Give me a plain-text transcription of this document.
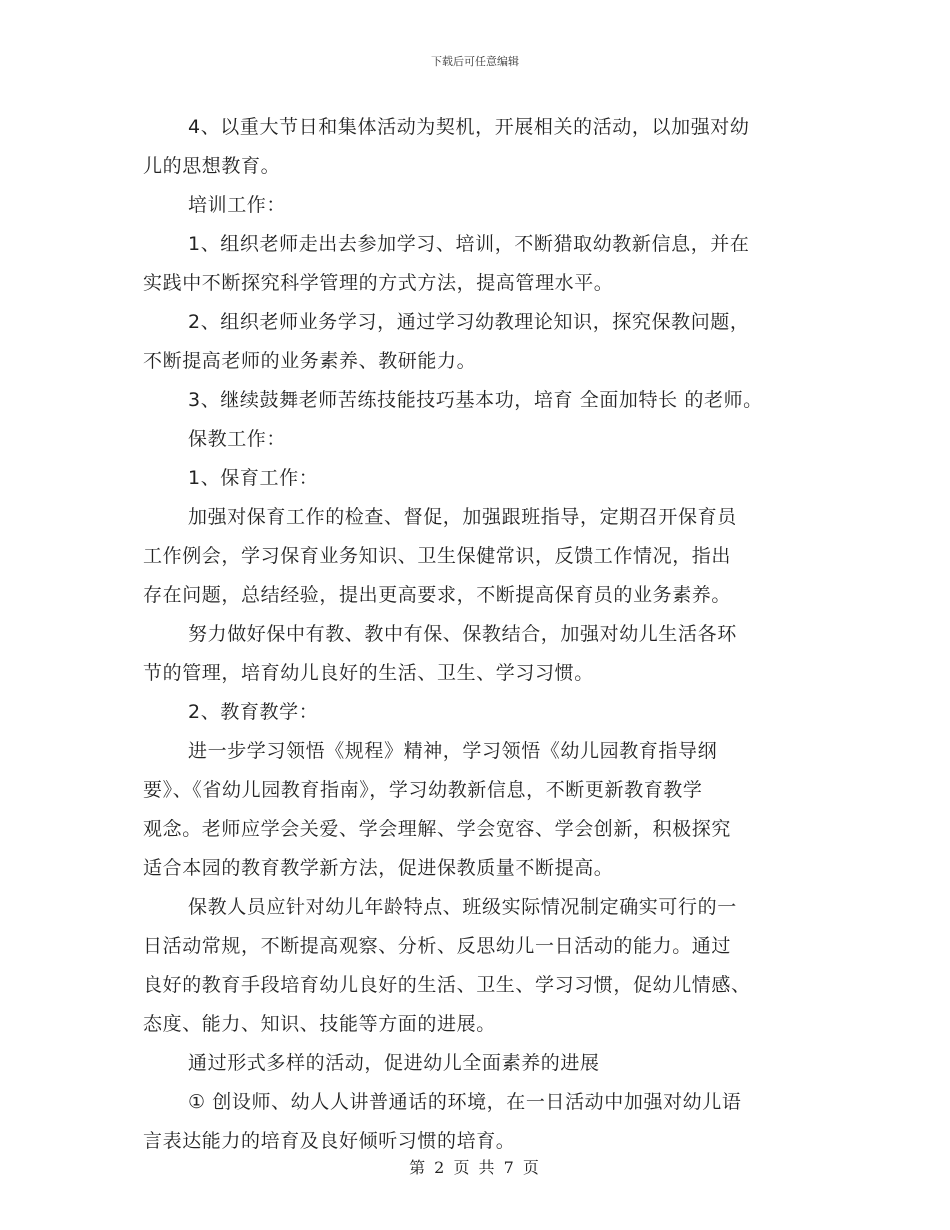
下载后可任意编辑
4、以重大节日和集体活动为契机，开展相关的活动，以加强对幼
儿的思想教育。
培训工作：
1、组织老师走出去参加学习、培训，不断猎取幼教新信息，并在
实践中不断探究科学管理的方式方法，提高管理水平。
2、组织老师业务学习，通过学习幼教理论知识，探究保教问题，
不断提高老师的业务素养、教研能力。
3、继续鼓舞老师苦练技能技巧基本功，培育 全面加特长 的老师。
保教工作：
1、保育工作：
加强对保育工作的检查、督促，加强跟班指导，定期召开保育员
工作例会，学习保育业务知识、卫生保健常识，反馈工作情况，指出
存在问题，总结经验，提出更高要求，不断提高保育员的业务素养。
努力做好保中有教、教中有保、保教结合，加强对幼儿生活各环
节的管理，培育幼儿良好的生活、卫生、学习习惯。
2、教育教学：
进一步学习领悟《规程》精神，学习领悟《幼儿园教育指导纲
要》、《省幼儿园教育指南》，学习幼教新信息，不断更新教育教学
观念。老师应学会关爱、学会理解、学会宽容、学会创新，积极探究
适合本园的教育教学新方法，促进保教质量不断提高。
保教人员应针对幼儿年龄特点、班级实际情况制定确实可行的一
日活动常规，不断提高观察、分析、反思幼儿一日活动的能力。通过
良好的教育手段培育幼儿良好的生活、卫生、学习习惯，促幼儿情感、
态度、能力、知识、技能等方面的进展。
通过形式多样的活动，促进幼儿全面素养的进展
① 创设师、幼人人讲普通话的环境，在一日活动中加强对幼儿语
言表达能力的培育及良好倾听习惯的培育。
第 2 页 共 7 页
